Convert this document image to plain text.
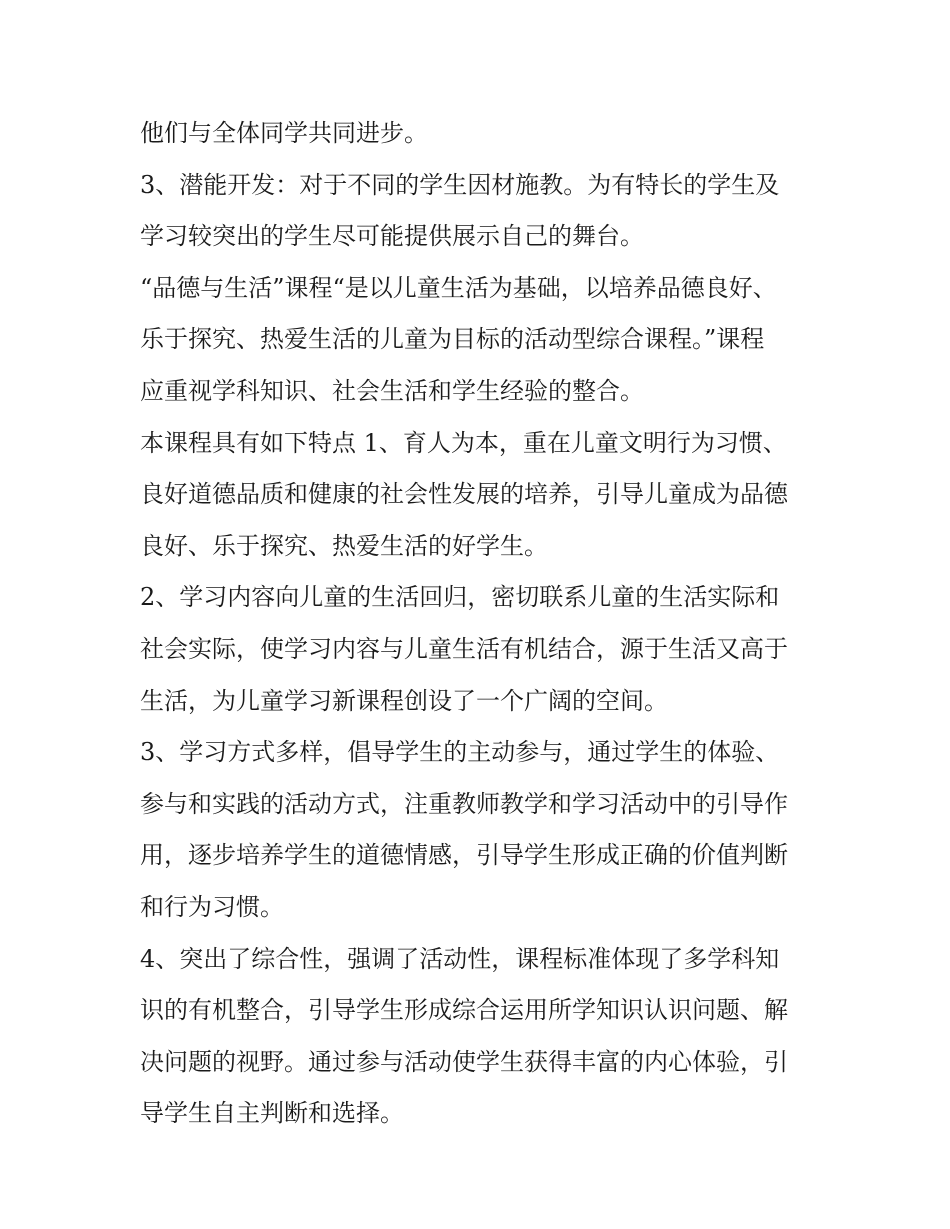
他们与全体同学共同进步。

3、潜能开发：对于不同的学生因材施教。为有特长的学生及
学习较突出的学生尽可能提供展示自己的舞台。

“品德与生活”课程“是以儿童生活为基础，以培养品德良好、
乐于探究、热爱生活的儿童为目标的活动型综合课程。”课程
应重视学科知识、社会生活和学生经验的整合。

本课程具有如下特点 1、育人为本，重在儿童文明行为习惯、
良好道德品质和健康的社会性发展的培养，引导儿童成为品德
良好、乐于探究、热爱生活的好学生。

2、学习内容向儿童的生活回归，密切联系儿童的生活实际和
社会实际，使学习内容与儿童生活有机结合，源于生活又高于
生活，为儿童学习新课程创设了一个广阔的空间。

3、学习方式多样，倡导学生的主动参与，通过学生的体验、
参与和实践的活动方式，注重教师教学和学习活动中的引导作
用，逐步培养学生的道德情感，引导学生形成正确的价值判断
和行为习惯。

4、突出了综合性，强调了活动性，课程标准体现了多学科知
识的有机整合，引导学生形成综合运用所学知识认识问题、解
决问题的视野。通过参与活动使学生获得丰富的内心体验，引
导学生自主判断和选择。
